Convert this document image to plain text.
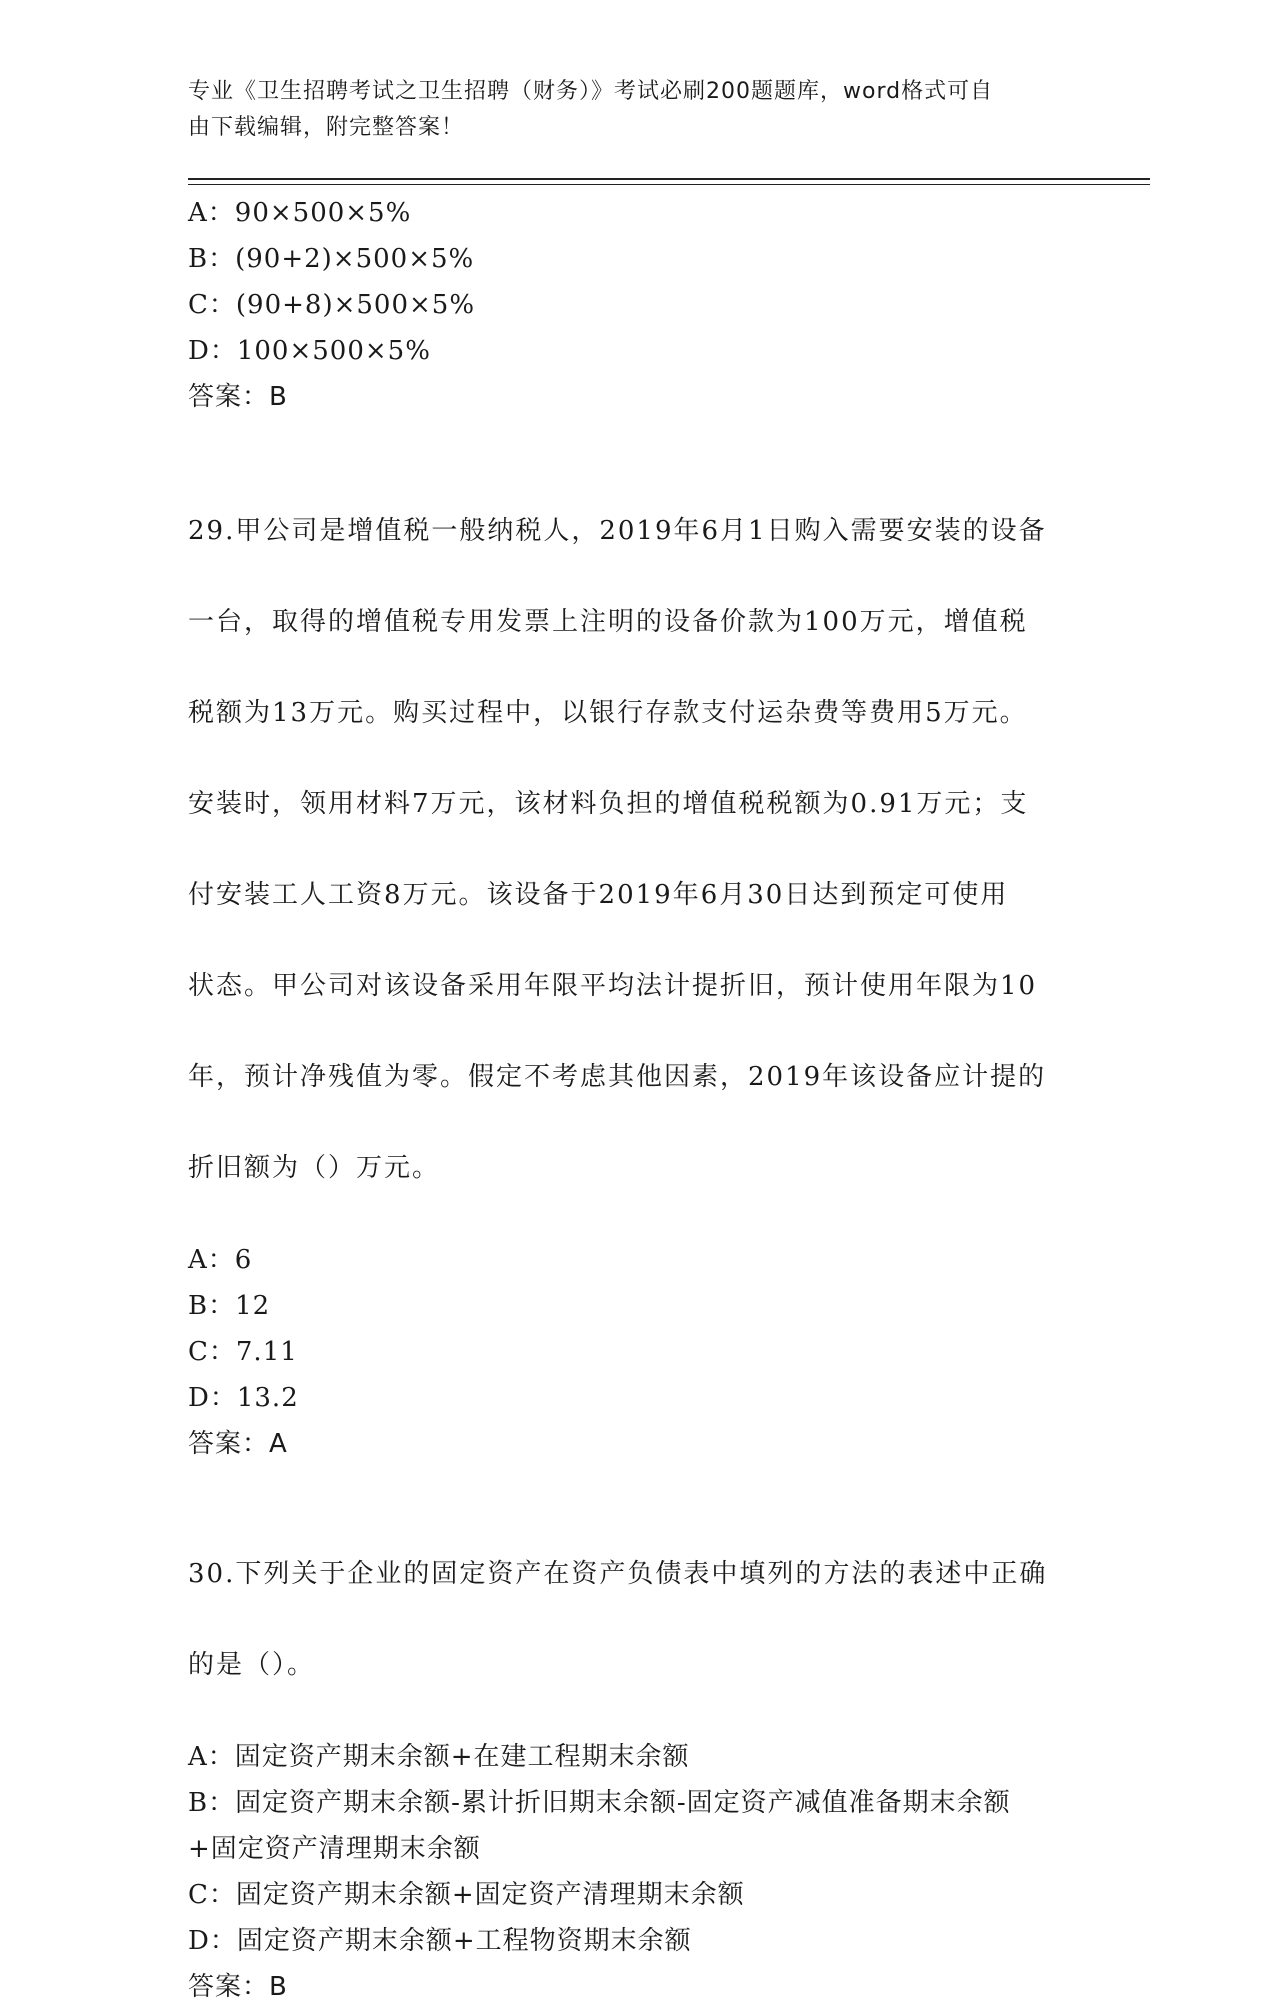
专业《卫生招聘考试之卫生招聘（财务）》考试必刷200题题库，word格式可自
由下载编辑，附完整答案！
A：90×500×5%
B：(90+2)×500×5%
C：(90+8)×500×5%
D：100×500×5%
答案：B

29.甲公司是增值税一般纳税人，2019年6月1日购入需要安装的设备

一台，取得的增值税专用发票上注明的设备价款为100万元，增值税

税额为13万元。购买过程中，以银行存款支付运杂费等费用5万元。

安装时，领用材料7万元，该材料负担的增值税税额为0.91万元；支

付安装工人工资8万元。该设备于2019年6月30日达到预定可使用

状态。甲公司对该设备采用年限平均法计提折旧，预计使用年限为10

年，预计净残值为零。假定不考虑其他因素，2019年该设备应计提的

折旧额为（）万元。

A：6
B：12
C：7.11
D：13.2
答案：A

30.下列关于企业的固定资产在资产负债表中填列的方法的表述中正确

的是（）。

A：固定资产期末余额+在建工程期末余额
B：固定资产期末余额-累计折旧期末余额-固定资产减值准备期末余额
+固定资产清理期末余额
C：固定资产期末余额+固定资产清理期末余额
D：固定资产期末余额+工程物资期末余额
答案：B
